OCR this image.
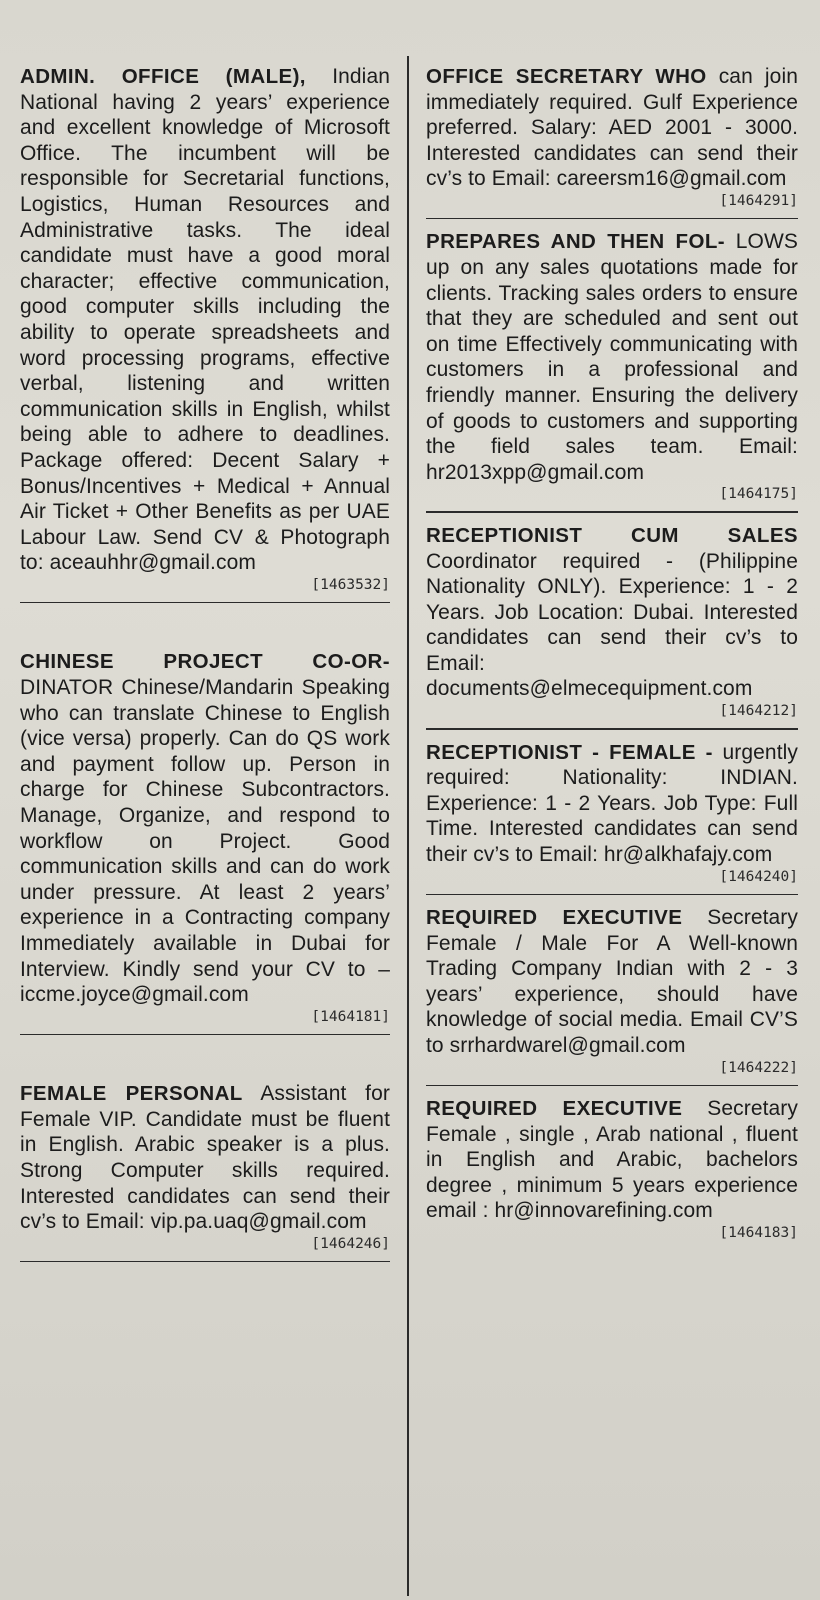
ADMIN. OFFICE (MALE), Indian National having 2 years’ experience and excellent knowledge of Microsoft Office. The incumbent will be responsible for Secretarial functions, Logistics, Human Resources and Administrative tasks. The ideal candidate must have a good moral character; effective communication, good computer skills including the ability to operate spreadsheets and word processing programs, effective verbal, listening and written communication skills in English, whilst being able to adhere to deadlines. Package offered: Decent Salary + Bonus/Incentives + Medical + Annual Air Ticket + Other Benefits as per UAE Labour Law. Send CV & Photograph to: aceauhhr@gmail.com

[1463532]

CHINESE PROJECT CO-OR- DINATOR Chinese/Mandarin Speaking who can translate Chinese to English (vice versa) properly. Can do QS work and payment follow up. Person in charge for Chinese Subcontractors. Manage, Organize, and respond to workflow on Project. Good communication skills and can do work under pressure. At least 2 years’ experience in a Contracting company Immediately available in Dubai for Interview. Kindly send your CV to – iccme.joyce@gmail.com

[1464181]

FEMALE PERSONAL Assistant for Female VIP. Candidate must be fluent in English. Arabic speaker is a plus. Strong Computer skills required. Interested candidates can send their cv’s to Email: vip.pa.uaq@gmail.com

[1464246]

OFFICE SECRETARY WHO can join immediately required. Gulf Experience preferred. Salary: AED 2001 - 3000. Interested candidates can send their cv’s to Email: careersm16@gmail.com

[1464291]

PREPARES AND THEN FOL- LOWS up on any sales quotations made for clients. Tracking sales orders to ensure that they are scheduled and sent out on time Effectively communicating with customers in a professional and friendly manner. Ensuring the delivery of goods to customers and supporting the field sales team. Email: hr2013xpp@gmail.com

[1464175]

RECEPTIONIST CUM SALES Coordinator required - (Philippine Nationality ONLY). Experience: 1 - 2 Years. Job Location: Dubai. Interested candidates can send their cv’s to Email: documents@elmecequipment.com

[1464212]

RECEPTIONIST - FEMALE - urgently required: Nationality: INDIAN. Experience: 1 - 2 Years. Job Type: Full Time. Interested candidates can send their cv’s to Email: hr@alkhafajy.com

[1464240]

REQUIRED EXECUTIVE Secretary Female / Male For A Well-known Trading Company Indian with 2 - 3 years’ experience, should have knowledge of social media. Email CV’S to srrhardwarel@gmail.com

[1464222]

REQUIRED EXECUTIVE Secretary Female , single , Arab national , fluent in English and Arabic, bachelors degree , minimum 5 years experience email : hr@innovarefining.com

[1464183]
